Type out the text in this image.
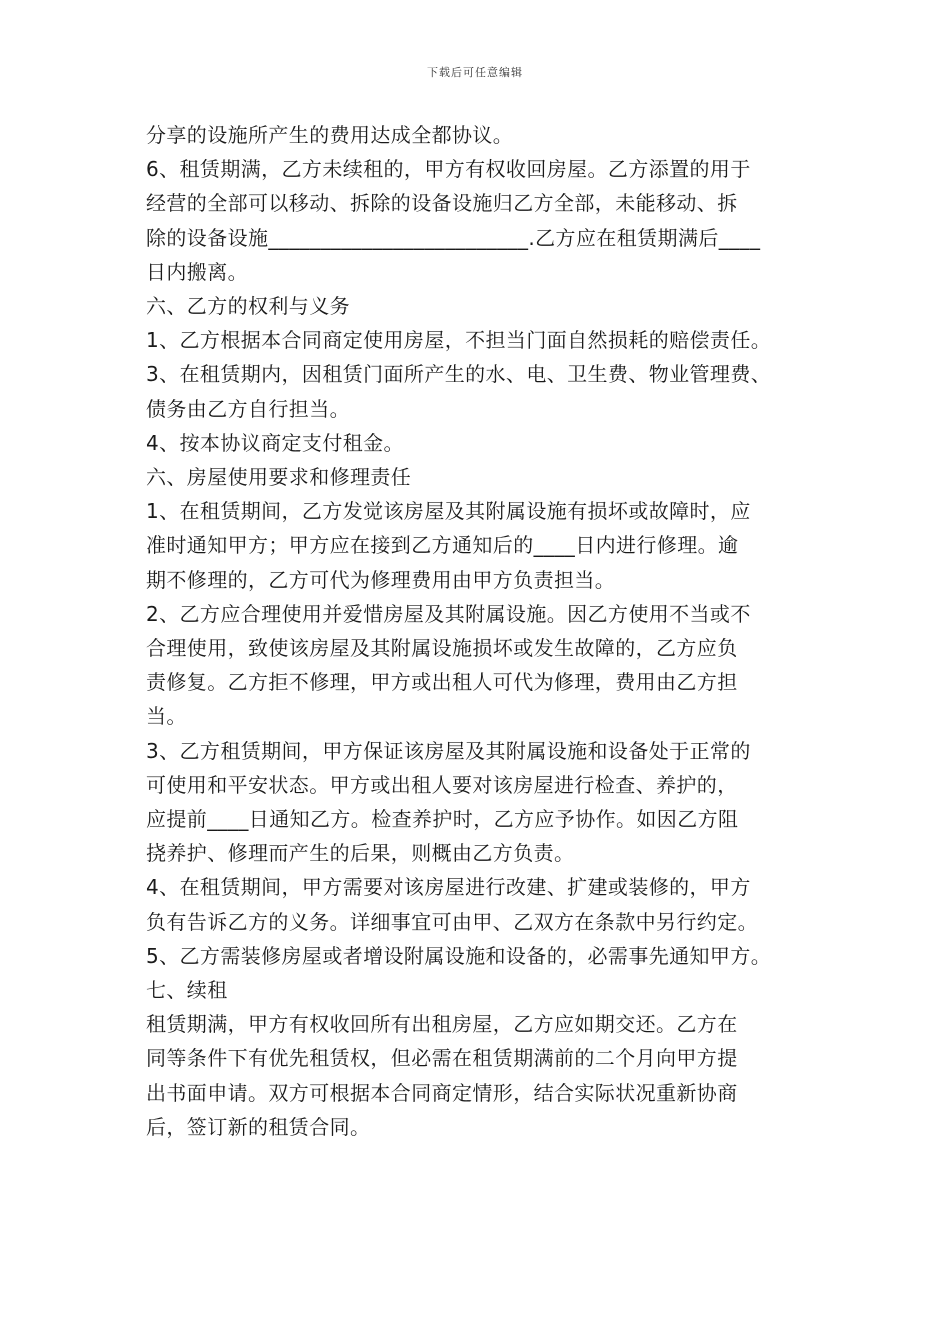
下载后可任意编辑
分享的设施所产生的费用达成全都协议。
6、租赁期满，乙方未续租的，甲方有权收回房屋。乙方添置的用于
经营的全部可以移动、拆除的设备设施归乙方全部，未能移动、拆
除的设备设施_________________________.乙方应在租赁期满后____
日内搬离。
六、乙方的权利与义务
1、乙方根据本合同商定使用房屋，不担当门面自然损耗的赔偿责任。
3、在租赁期内，因租赁门面所产生的水、电、卫生费、物业管理费、
债务由乙方自行担当。
4、按本协议商定支付租金。
六、房屋使用要求和修理责任
1、在租赁期间，乙方发觉该房屋及其附属设施有损坏或故障时，应
准时通知甲方；甲方应在接到乙方通知后的____日内进行修理。逾
期不修理的，乙方可代为修理费用由甲方负责担当。
2、乙方应合理使用并爱惜房屋及其附属设施。因乙方使用不当或不
合理使用，致使该房屋及其附属设施损坏或发生故障的，乙方应负
责修复。乙方拒不修理，甲方或出租人可代为修理，费用由乙方担
当。
3、乙方租赁期间，甲方保证该房屋及其附属设施和设备处于正常的
可使用和平安状态。甲方或出租人要对该房屋进行检查、养护的，
应提前____日通知乙方。检查养护时，乙方应予协作。如因乙方阻
挠养护、修理而产生的后果，则概由乙方负责。
4、在租赁期间，甲方需要对该房屋进行改建、扩建或装修的，甲方
负有告诉乙方的义务。详细事宜可由甲、乙双方在条款中另行约定。
5、乙方需装修房屋或者增设附属设施和设备的，必需事先通知甲方。
七、续租
租赁期满，甲方有权收回所有出租房屋，乙方应如期交还。乙方在
同等条件下有优先租赁权，但必需在租赁期满前的二个月向甲方提
出书面申请。双方可根据本合同商定情形，结合实际状况重新协商
后，签订新的租赁合同。
